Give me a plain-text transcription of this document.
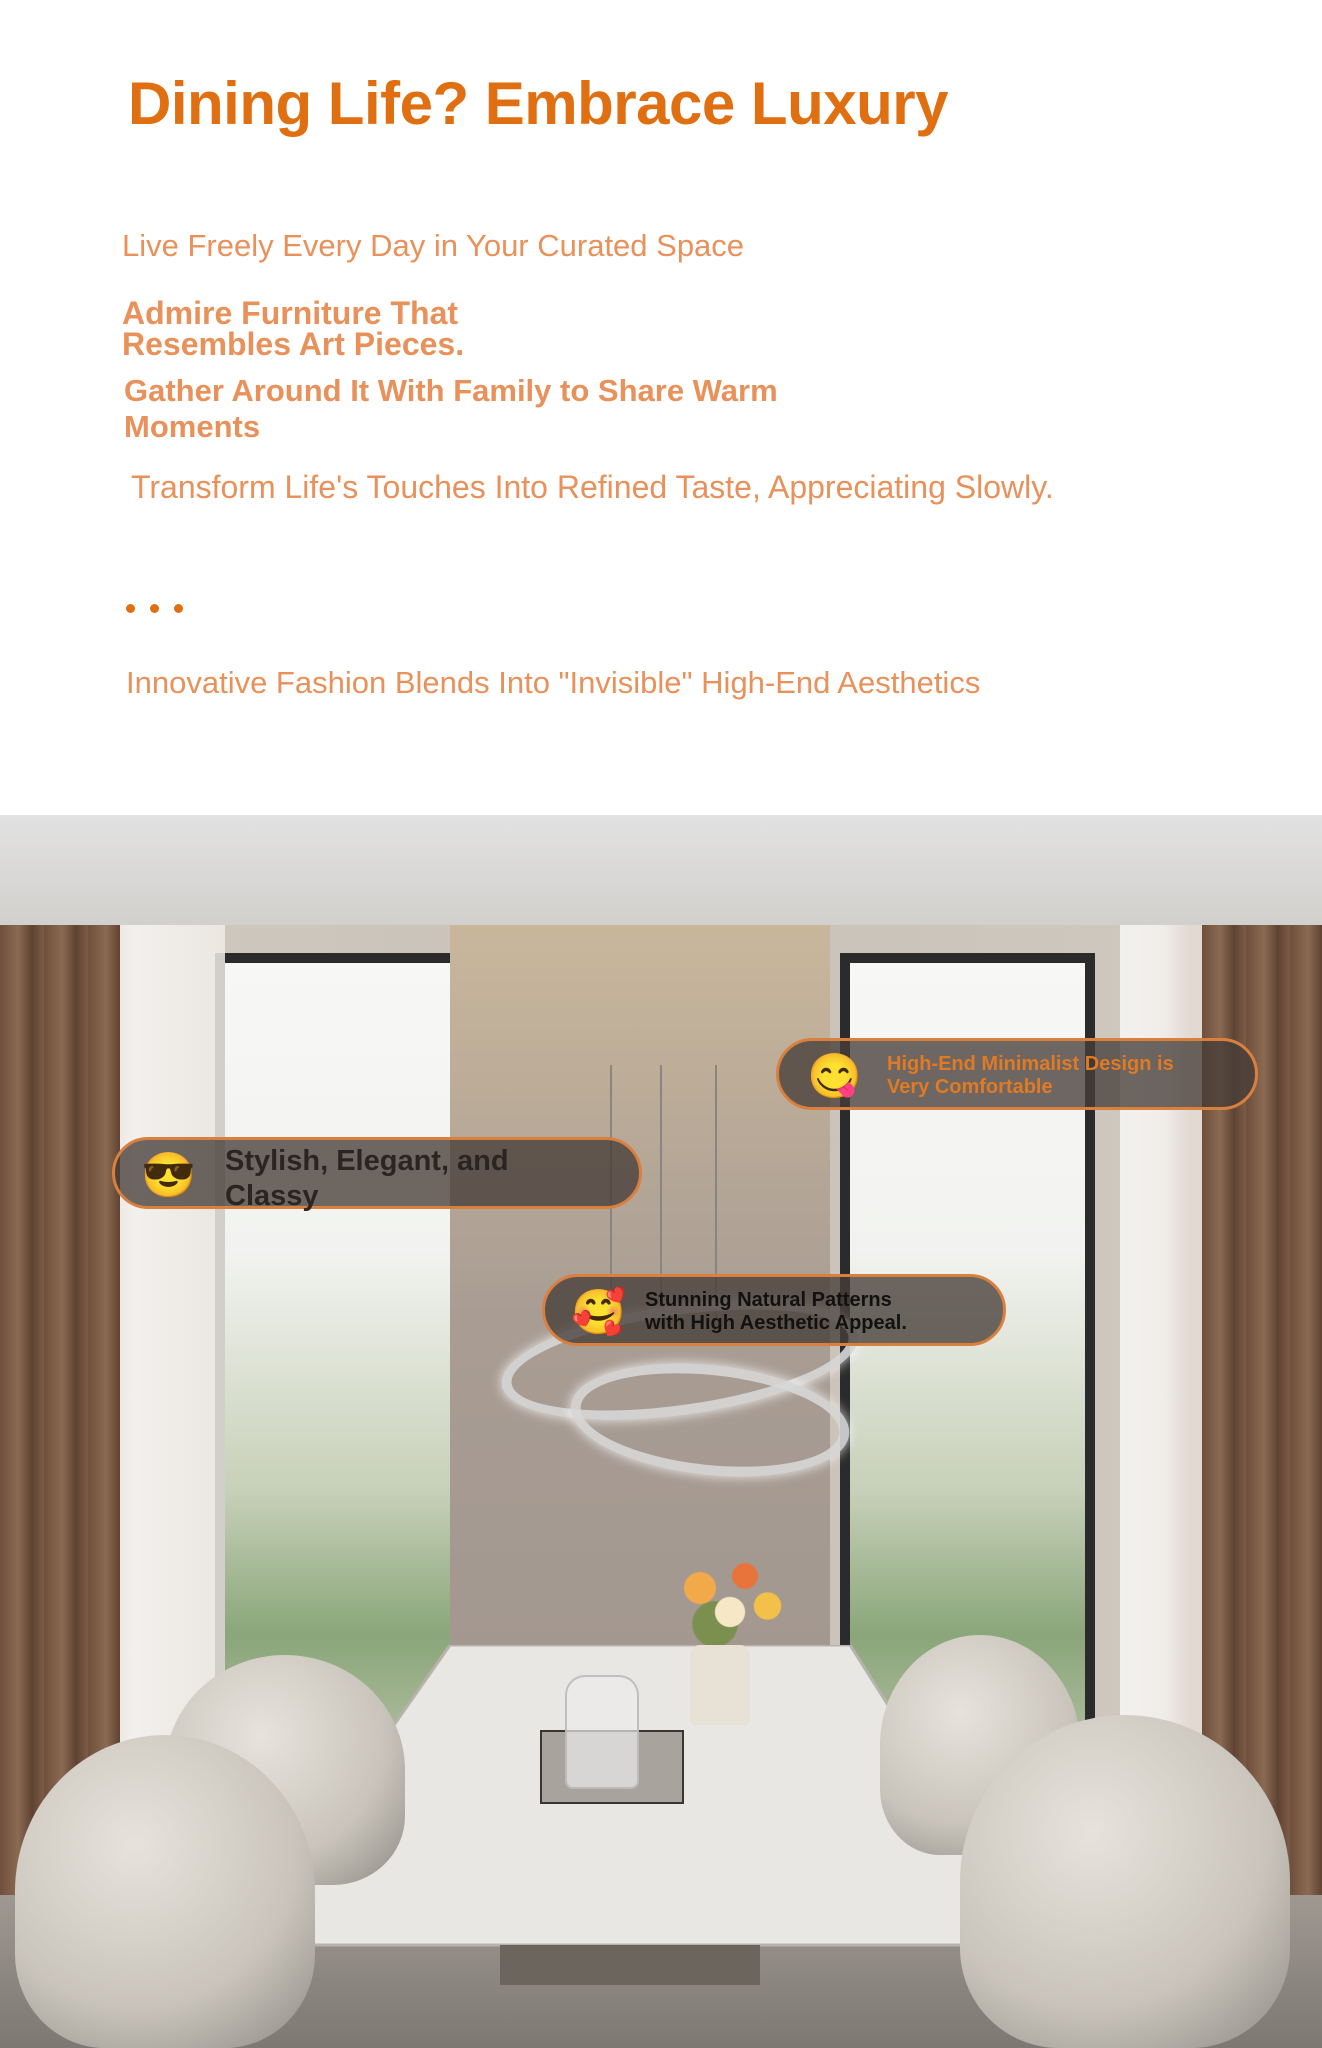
Dining Life? Embrace Luxury
Live Freely Every Day in Your Curated Space
Admire Furniture That
Resembles Art Pieces.
Gather Around It With Family to Share Warm
Moments
Transform Life's Touches Into Refined Taste, Appreciating Slowly.
Innovative Fashion Blends Into "Invisible" High-End Aesthetics
😋 High-End Minimalist Design is
Very Comfortable
😎 Stylish, Elegant, and
Classy
🥰 Stunning Natural Patterns
with High Aesthetic Appeal.
